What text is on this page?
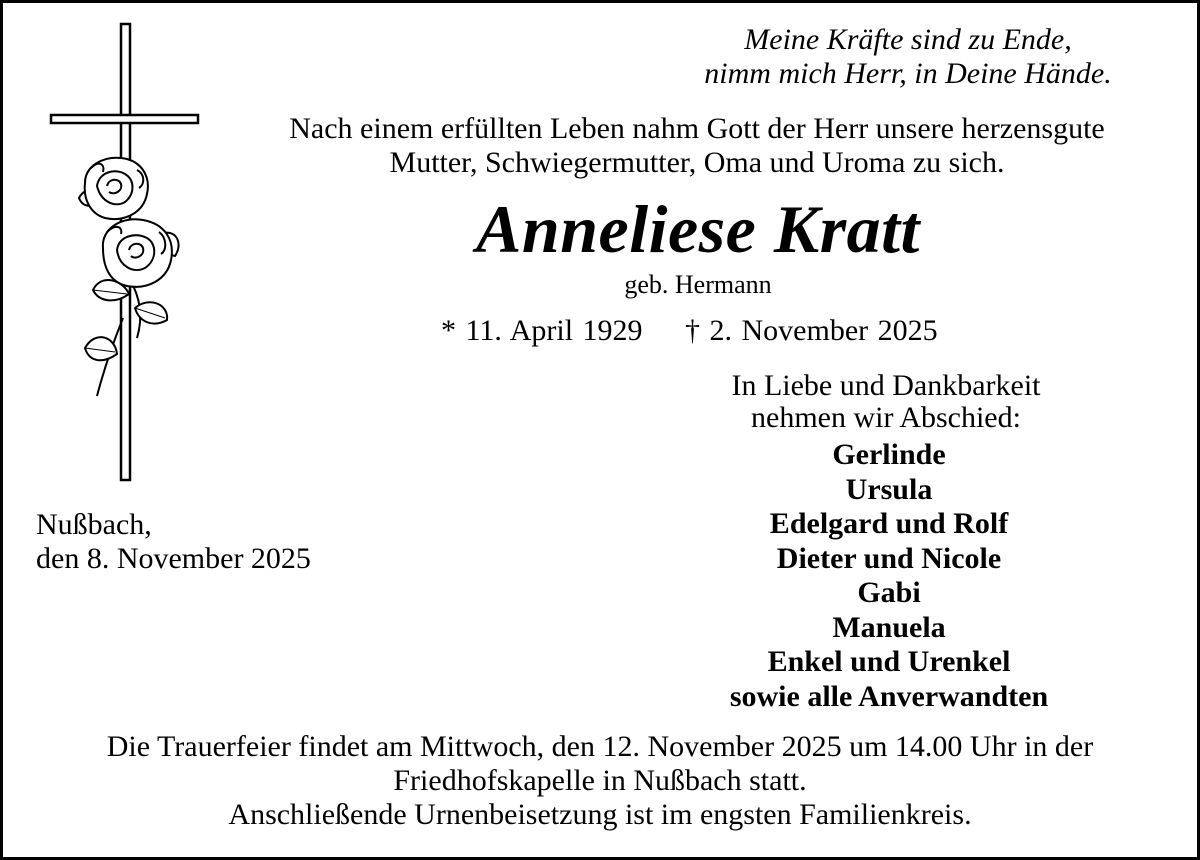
Meine Kräfte sind zu Ende,
nimm mich Herr, in Deine Hände.
Nach einem erfüllten Leben nahm Gott der Herr unsere herzensgute
Mutter, Schwiegermutter, Oma und Uroma zu sich.
Anneliese Kratt
geb. Hermann
* 11. April 1929 † 2. November 2025
In Liebe und Dankbarkeit
nehmen wir Abschied:
Gerlinde
Ursula
Edelgard und Rolf
Dieter und Nicole
Gabi
Manuela
Enkel und Urenkel
sowie alle Anverwandten
Nußbach,
den 8. November 2025
Die Trauerfeier findet am Mittwoch, den 12. November 2025 um 14.00 Uhr in der
Friedhofskapelle in Nußbach statt.
Anschließende Urnenbeisetzung ist im engsten Familienkreis.
